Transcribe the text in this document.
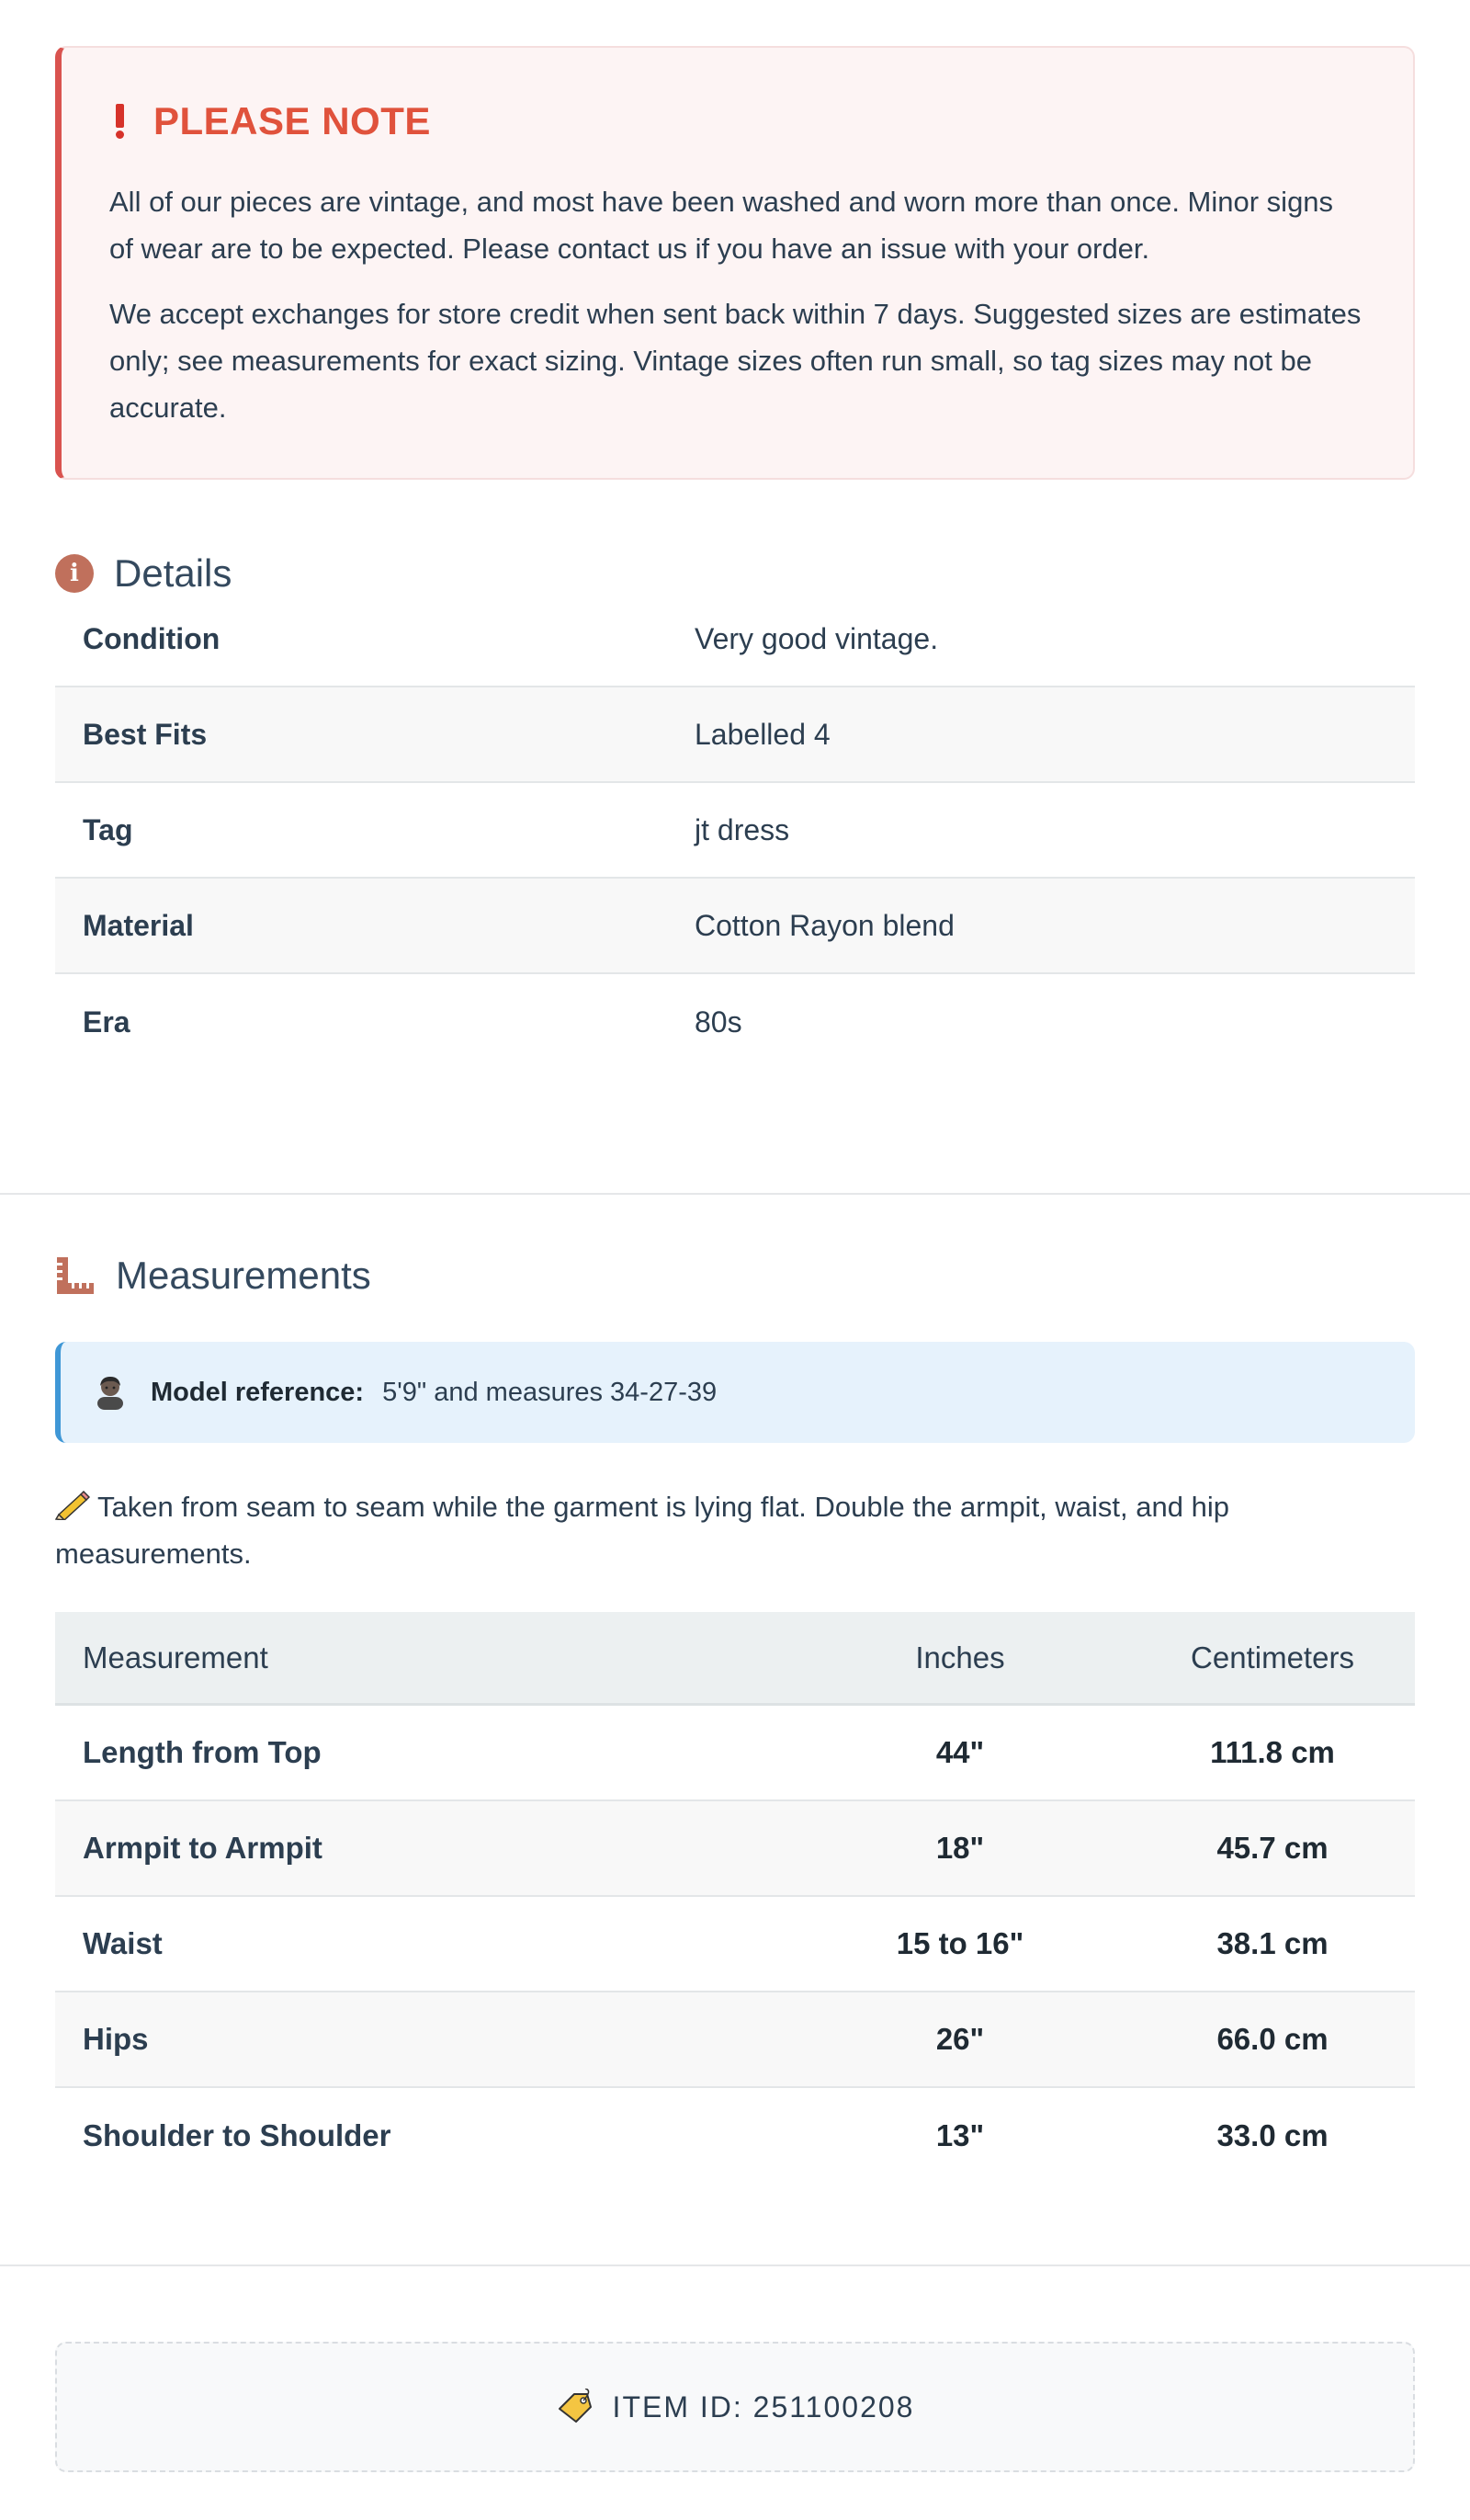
PLEASE NOTE

All of our pieces are vintage, and most have been washed and worn more than once. Minor signs of wear are to be expected. Please contact us if you have an issue with your order.

We accept exchanges for store credit when sent back within 7 days. Suggested sizes are estimates only; see measurements for exact sizing. Vintage sizes often run small, so tag sizes may not be accurate.

i Details
Condition	Very good vintage.
Best Fits	Labelled 4
Tag	jt dress
Material	Cotton Rayon blend
Era	80s
Measurements
Model reference: 5'9" and measures 34-27-39
Taken from seam to seam while the garment is lying flat. Double the armpit, waist, and hip measurements.
Measurement	Inches	Centimeters
Length from Top	44"	111.8 cm
Armpit to Armpit	18"	45.7 cm
Waist	15 to 16"	38.1 cm
Hips	26"	66.0 cm
Shoulder to Shoulder	13"	33.0 cm
ITEM ID: 251100208
